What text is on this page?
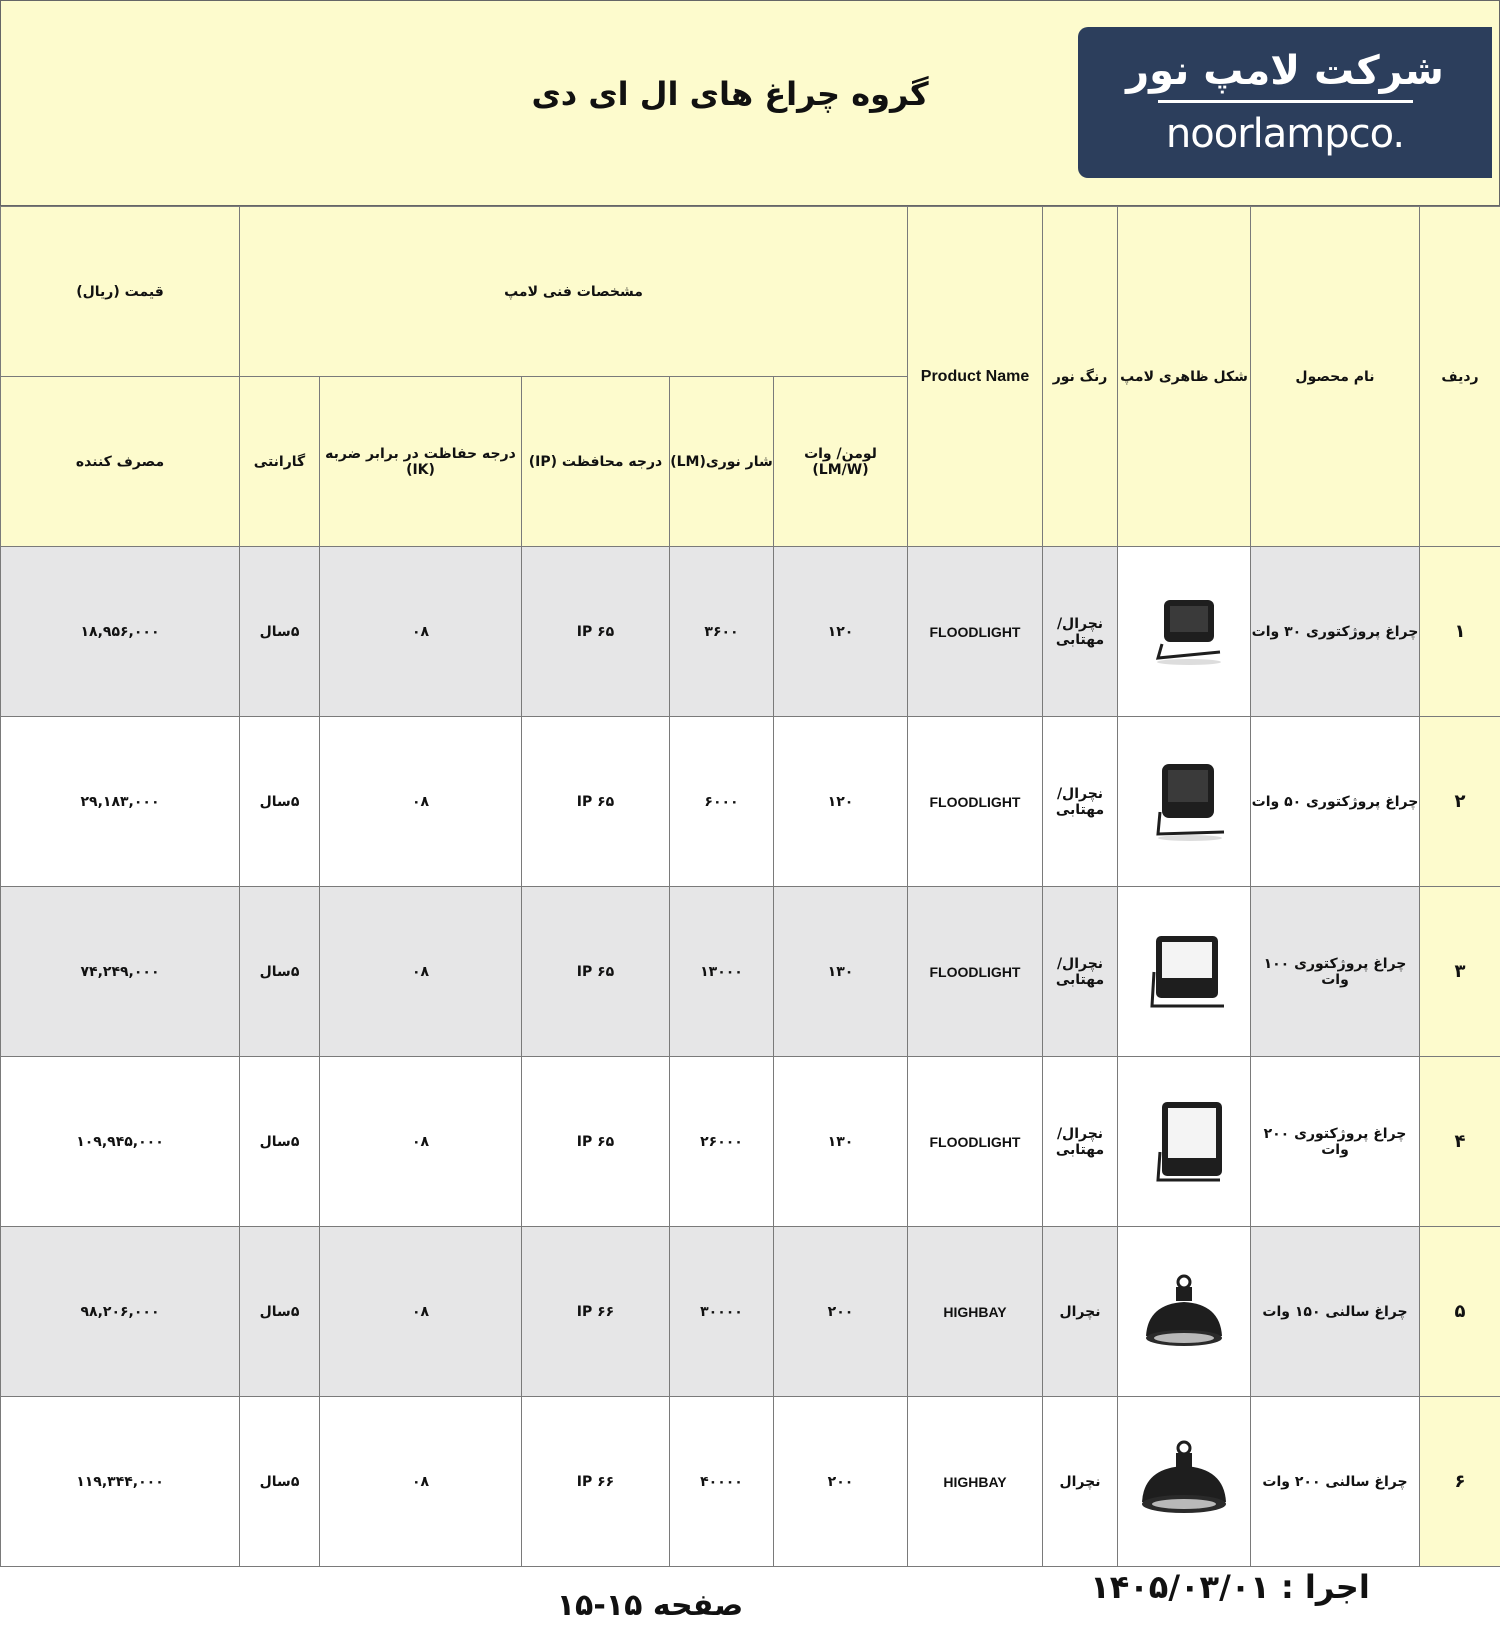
گروه چراغ های ال ای دی	شرکت لامپ نور
noorlampco.
قیمت (ریال)	مشخصات فنی لامپ					Product Name	رنگ نور	شکل ظاهری لامپ	نام محصول	ردیف
مصرف کننده	گارانتی	درجه حفاظت در برابر ضربه (IK)	درجه محافظت (IP)	شار نوری(LM)	لومن/ وات (LM/W)					
۱۸,۹۵۶,۰۰۰	۵سال	۰۸	IP ۶۵	۳۶۰۰	۱۲۰	FLOODLIGHT	نچرال/مهتابی		چراغ پروژکتوری ۳۰ وات	۱
۲۹,۱۸۳,۰۰۰	۵سال	۰۸	IP ۶۵	۶۰۰۰	۱۲۰	FLOODLIGHT	نچرال/مهتابی		چراغ پروژکتوری ۵۰ وات	۲
۷۴,۲۴۹,۰۰۰	۵سال	۰۸	IP ۶۵	۱۳۰۰۰	۱۳۰	FLOODLIGHT	نچرال/مهتابی		چراغ پروژکتوری ۱۰۰ وات	۳
۱۰۹,۹۴۵,۰۰۰	۵سال	۰۸	IP ۶۵	۲۶۰۰۰	۱۳۰	FLOODLIGHT	نچرال/مهتابی		چراغ پروژکتوری ۲۰۰ وات	۴
۹۸,۲۰۶,۰۰۰	۵سال	۰۸	IP ۶۶	۳۰۰۰۰	۲۰۰	HIGHBAY	نچرال		چراغ سالنی ۱۵۰ وات	۵
۱۱۹,۳۴۴,۰۰۰	۵سال	۰۸	IP ۶۶	۴۰۰۰۰	۲۰۰	HIGHBAY	نچرال		چراغ سالنی ۲۰۰ وات	۶
اجرا : ۱۴۰۵/۰۳/۰۱
صفحه ۱۵-۱۵
